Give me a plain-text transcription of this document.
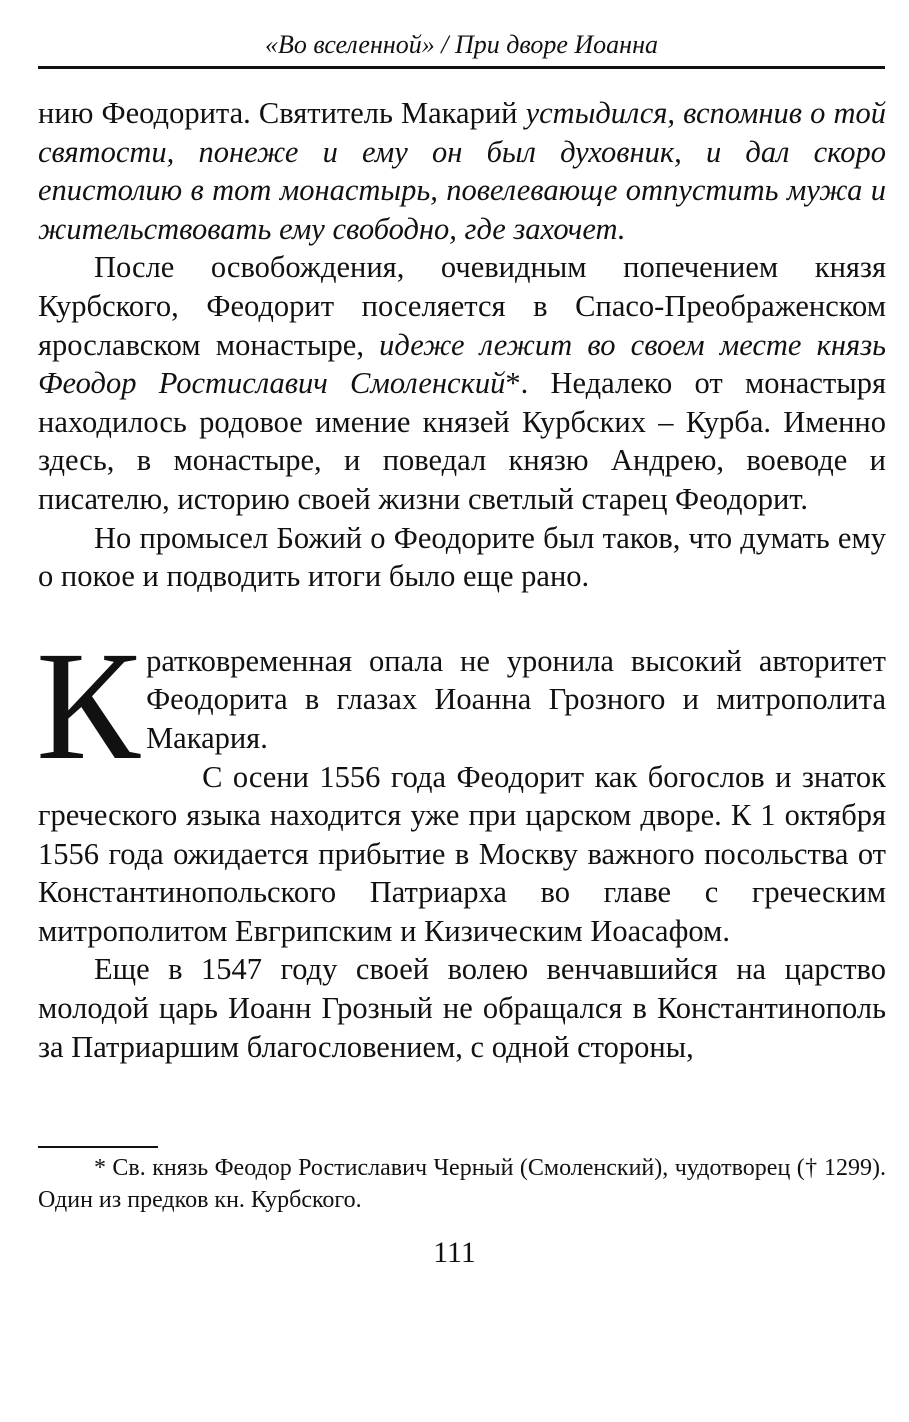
«Во вселенной» / При дворе Иоанна

нию Феодорита. Святитель Макарий устыдился, вспомнив о той святости, понеже и ему он был духовник, и дал скоро епистолию в тот монастырь, повелевающе отпустить мужа и жительствовать ему свободно, где захочет.

После освобождения, очевидным попечением князя Курбского, Феодорит поселяется в Спасо-Преображенском ярославском монастыре, идеже лежит во своем месте князь Феодор Ростиславич Смоленский*. Недалеко от монастыря находилось родовое имение князей Курбских – Курба. Именно здесь, в монастыре, и поведал князю Андрею, воеводе и писателю, историю своей жизни светлый старец Феодорит.

Но промысел Божий о Феодорите был таков, что думать ему о покое и подводить итоги было еще рано.

Кратковременная опала не уронила высокий авторитет Феодорита в глазах Иоанна Грозного и митрополита Макария.

С осени 1556 года Феодорит как богослов и знаток греческого языка находится уже при царском дворе. К 1 октября 1556 года ожидается прибытие в Москву важного посольства от Константинопольского Патриарха во главе с греческим митрополитом Евгрипским и Кизическим Иоасафом.

Еще в 1547 году своей волею венчавшийся на царство молодой царь Иоанн Грозный не обращался в Константинополь за Патриаршим благословением, с одной стороны,

* Св. князь Феодор Ростиславич Черный (Смоленский), чудотворец († 1299). Один из предков кн. Курбского.

111
